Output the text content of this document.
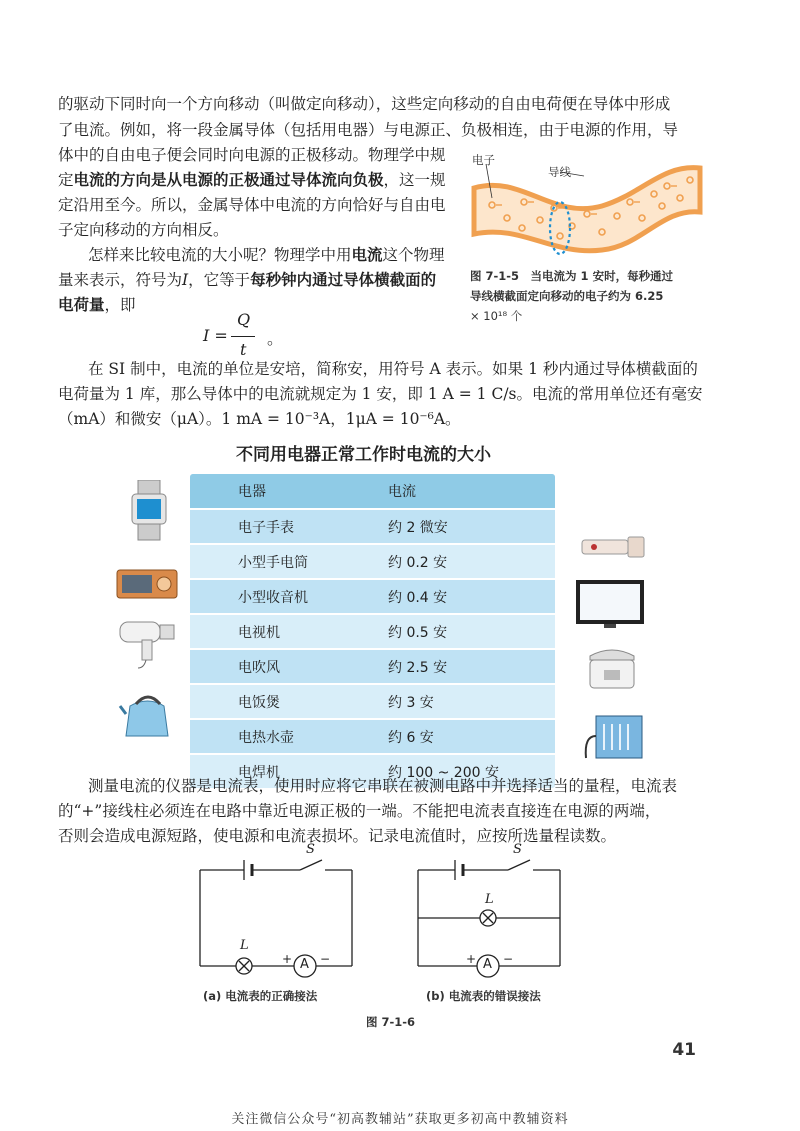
的驱动下同时向一个方向移动（叫做定向移动），这些定向移动的自由电荷便在导体中形成

了电流。例如，将一段金属导体（包括用电器）与电源正、负极相连，由于电源的作用，导

体中的自由电子便会同时向电源的正极移动。物理学中规

定电流的方向是从电源的正极通过导体流向负极，这一规

定沿用至今。所以，金属导体中电流的方向恰好与自由电

子定向移动的方向相反。

怎样来比较电流的大小呢？物理学中用电流这个物理

量来表示，符号为I，它等于每秒钟内通过导体横截面的

电荷量，即

I =
Q
t
。

在 SI 制中，电流的单位是安培，简称安，用符号 A 表示。如果 1 秒内通过导体横截面的

电荷量为 1 库，那么导体中的电流就规定为 1 安，即 1 A = 1 C/s。电流的常用单位还有毫安

（mA）和微安（μA）。1 mA = 10⁻³A，1μA = 10⁻⁶A。

电子
导线
图 7-1-5　当电流为 1 安时，每秒通过
导线横截面定向移动的电子约为 6.25
× 10¹⁸ 个
不同用电器正常工作时电流的大小
电器	电流
电子手表	约 2 微安
小型手电筒	约 0.2 安
小型收音机	约 0.4 安
电视机	约 0.5 安
电吹风	约 2.5 安
电饭煲	约 3 安
电热水壶	约 6 安
电焊机	约 100 ~ 200 安

测量电流的仪器是电流表，使用时应将它串联在被测电路中并选择适当的量程，电流表

的“+”接线柱必须连在电路中靠近电源正极的一端。不能把电流表直接连在电源的两端，

否则会造成电源短路，使电源和电流表损坏。记录电流值时，应按所选量程读数。

S
L
+ A −
S
L
+ A −
(a) 电流表的正确接法	(b) 电流表的错误接法
图 7-1-6
41
关注微信公众号“初高教辅站”获取更多初高中教辅资料
